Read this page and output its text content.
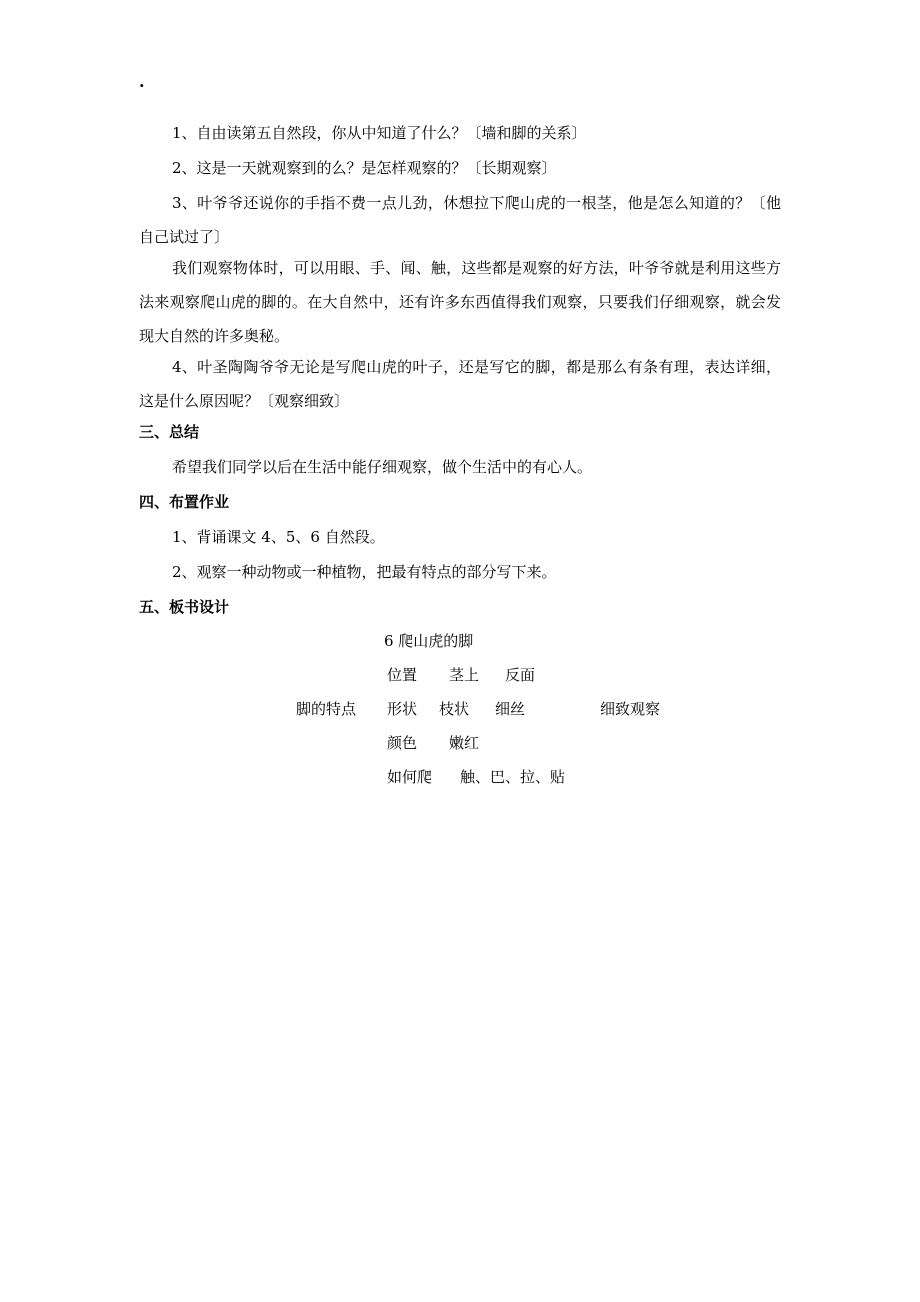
·

1、自由读第五自然段，你从中知道了什么？〔墙和脚的关系〕

2、这是一天就观察到的么？是怎样观察的？〔长期观察〕

3、叶爷爷还说你的手指不费一点儿劲，休想拉下爬山虎的一根茎，他是怎么知道的？〔他自己试过了〕

我们观察物体时，可以用眼、手、闻、触，这些都是观察的好方法，叶爷爷就是利用这些方法来观察爬山虎的脚的。在大自然中，还有许多东西值得我们观察，只要我们仔细观察，就会发现大自然的许多奥秘。

4、叶圣陶陶爷爷无论是写爬山虎的叶子，还是写它的脚，都是那么有条有理，表达详细，这是什么原因呢？〔观察细致〕

三、总结

希望我们同学以后在生活中能仔细观察，做个生活中的有心人。

四、布置作业

1、背诵课文 4、5、6 自然段。

2、观察一种动物或一种植物，把最有特点的部分写下来。

五、板书设计

6 爬山虎的脚
位置 茎上 反面
脚的特点 形状 枝状 细丝	细致观察
颜色 嫩红
如何爬 触、巴、拉、贴
